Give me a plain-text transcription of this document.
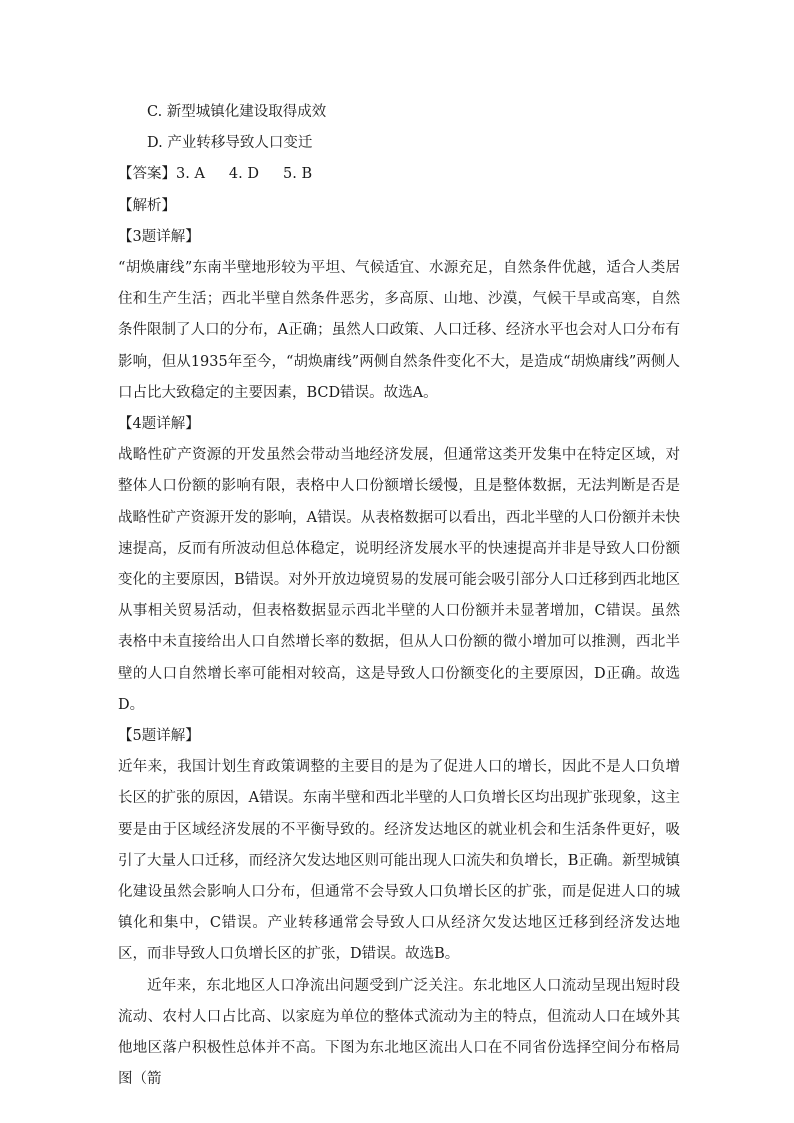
C. 新型城镇化建设取得成效
D. 产业转移导致人口变迁
【答案】3. A 4. D 5. B
【解析】
【3题详解】

“胡焕庸线”东南半壁地形较为平坦、气候适宜、水源充足，自然条件优越，适合人类居住和生产生活；西北半壁自然条件恶劣，多高原、山地、沙漠，气候干旱或高寒，自然条件限制了人口的分布，A正确；虽然人口政策、人口迁移、经济水平也会对人口分布有影响，但从1935年至今，“胡焕庸线”两侧自然条件变化不大，是造成“胡焕庸线”两侧人口占比大致稳定的主要因素，BCD错误。故选A。

【4题详解】

战略性矿产资源的开发虽然会带动当地经济发展，但通常这类开发集中在特定区域，对整体人口份额的影响有限，表格中人口份额增长缓慢，且是整体数据，无法判断是否是战略性矿产资源开发的影响，A错误。从表格数据可以看出，西北半壁的人口份额并未快速提高，反而有所波动但总体稳定，说明经济发展水平的快速提高并非是导致人口份额变化的主要原因，B错误。对外开放边境贸易的发展可能会吸引部分人口迁移到西北地区从事相关贸易活动，但表格数据显示西北半壁的人口份额并未显著增加，C错误。虽然表格中未直接给出人口自然增长率的数据，但从人口份额的微小增加可以推测，西北半壁的人口自然增长率可能相对较高，这是导致人口份额变化的主要原因，D正确。故选D。

【5题详解】

近年来，我国计划生育政策调整的主要目的是为了促进人口的增长，因此不是人口负增长区的扩张的原因，A错误。东南半壁和西北半壁的人口负增长区均出现扩张现象，这主要是由于区域经济发展的不平衡导致的。经济发达地区的就业机会和生活条件更好，吸引了大量人口迁移，而经济欠发达地区则可能出现人口流失和负增长，B正确。新型城镇化建设虽然会影响人口分布，但通常不会导致人口负增长区的扩张，而是促进人口的城镇化和集中，C错误。产业转移通常会导致人口从经济欠发达地区迁移到经济发达地区，而非导致人口负增长区的扩张，D错误。故选B。

近年来，东北地区人口净流出问题受到广泛关注。东北地区人口流动呈现出短时段流动、农村人口占比高、以家庭为单位的整体式流动为主的特点，但流动人口在域外其他地区落户积极性总体并不高。下图为东北地区流出人口在不同省份选择空间分布格局图（箭
